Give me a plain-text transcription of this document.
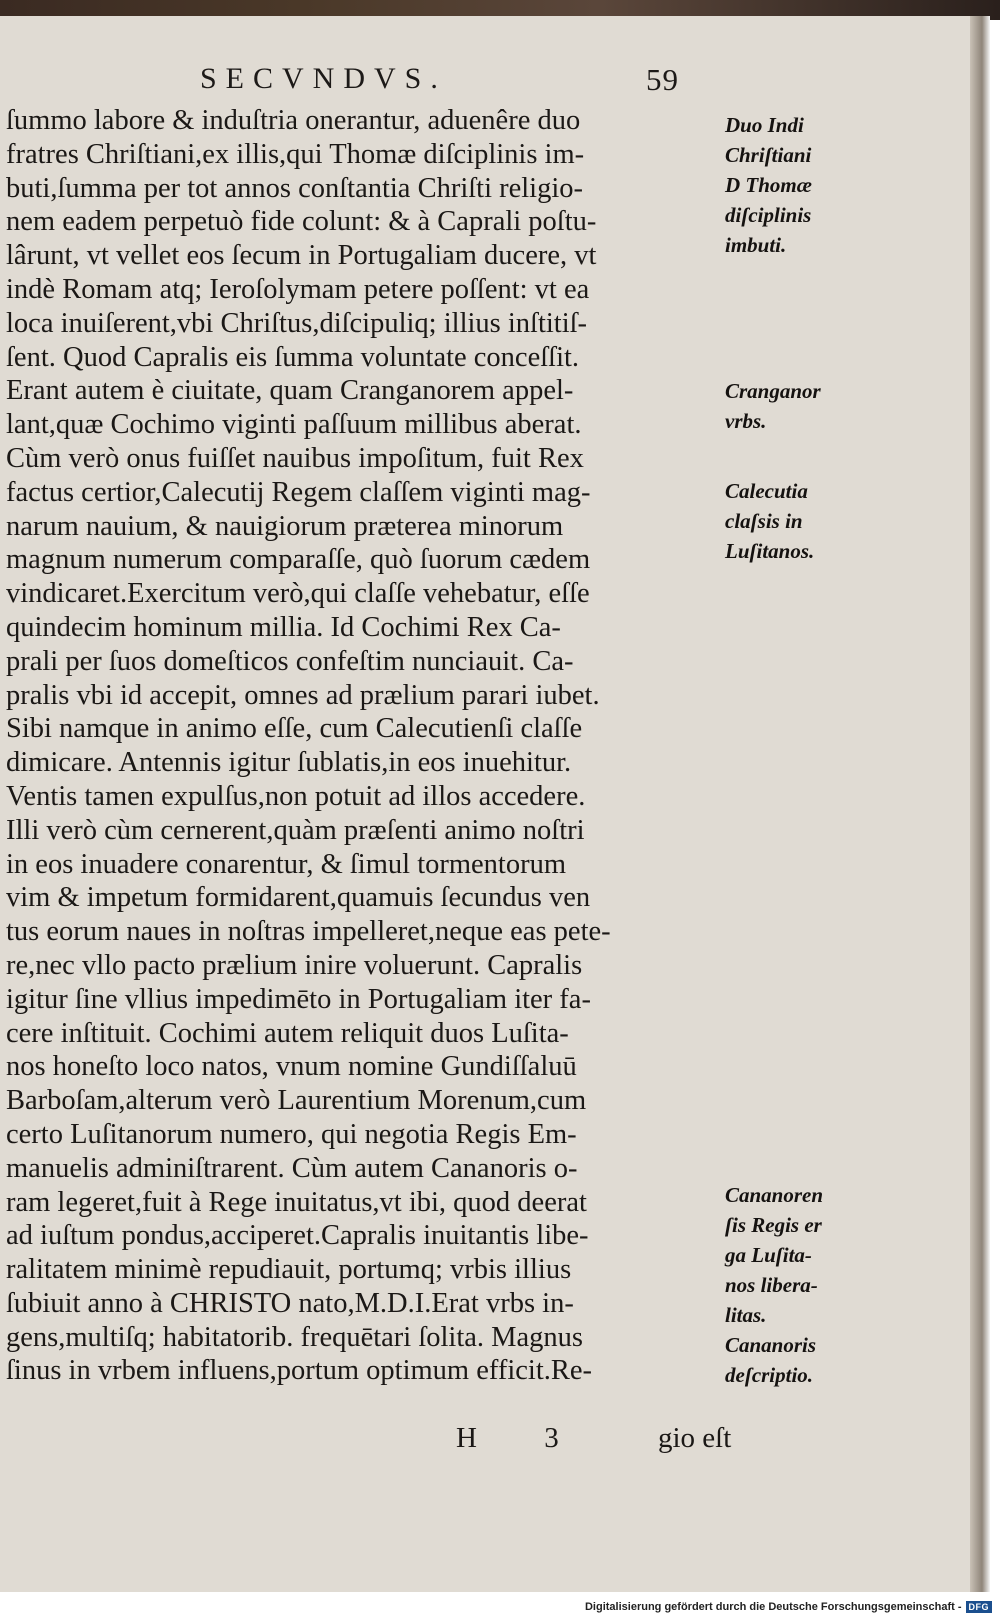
SECVNDVS.	59
ſummo labore & induſtria onerantur, aduenêre duo
fratres Chriſtiani,ex illis,qui Thomæ diſciplinis im-
buti,ſumma per tot annos conſtantia Chriſti religio-
nem eadem perpetuò fide colunt: & à Caprali poſtu-
lârunt, vt vellet eos ſecum in Portugaliam ducere, vt
indè Romam atq; Ieroſolymam petere poſſent: vt ea
loca inuiſerent,vbi Chriſtus,diſcipuliq; illius inſtitiſ-
ſent. Quod Capralis eis ſumma voluntate conceſſit.
Erant autem è ciuitate, quam Cranganorem appel-
lant,quæ Cochimo viginti paſſuum millibus aberat.
Cùm verò onus fuiſſet nauibus impoſitum, fuit Rex
factus certior,Calecutij Regem claſſem viginti mag-
narum nauium, & nauigiorum præterea minorum
magnum numerum comparaſſe, quò ſuorum cædem
vindicaret.Exercitum verò,qui claſſe vehebatur, eſſe
quindecim hominum millia. Id Cochimi Rex Ca-
prali per ſuos domeſticos confeſtim nunciauit. Ca-
pralis vbi id accepit, omnes ad prælium parari iubet.
Sibi namque in animo eſſe, cum Calecutienſi claſſe
dimicare. Antennis igitur ſublatis,in eos inuehitur.
Ventis tamen expulſus,non potuit ad illos accedere.
Illi verò cùm cernerent,quàm præſenti animo noſtri
in eos inuadere conarentur, & ſimul tormentorum
vim & impetum formidarent,quamuis ſecundus ven
tus eorum naues in noſtras impelleret,neque eas pete-
re,nec vllo pacto prælium inire voluerunt. Capralis
igitur ſine vllius impedimēto in Portugaliam iter fa-
cere inſtituit. Cochimi autem reliquit duos Luſita-
nos honeſto loco natos, vnum nomine Gundiſſaluū
Barboſam,alterum verò Laurentium Morenum,cum
certo Luſitanorum numero, qui negotia Regis Em-
manuelis adminiſtrarent. Cùm autem Cananoris o-
ram legeret,fuit à Rege inuitatus,vt ibi, quod deerat
ad iuſtum pondus,acciperet.Capralis inuitantis libe-
ralitatem minimè repudiauit, portumq; vrbis illius
ſubiuit anno à CHRISTO nato,M.D.I.Erat vrbs in-
gens,multiſq; habitatorib. frequētari ſolita. Magnus
ſinus in vrbem influens,portum optimum efficit.Re-
Duo Indi
Chriſtiani
D Thomæ
diſciplinis
imbuti.
Cranganor
vrbs.
Calecutia
claſsis in
Luſitanos.
Cananoren
ſis Regis er
ga Luſita-
nos libera-
litas.
Cananoris
deſcriptio.
H 3 gio eſt
Digitalisierung gefördert durch die Deutsche Forschungsgemeinschaft - DFG
